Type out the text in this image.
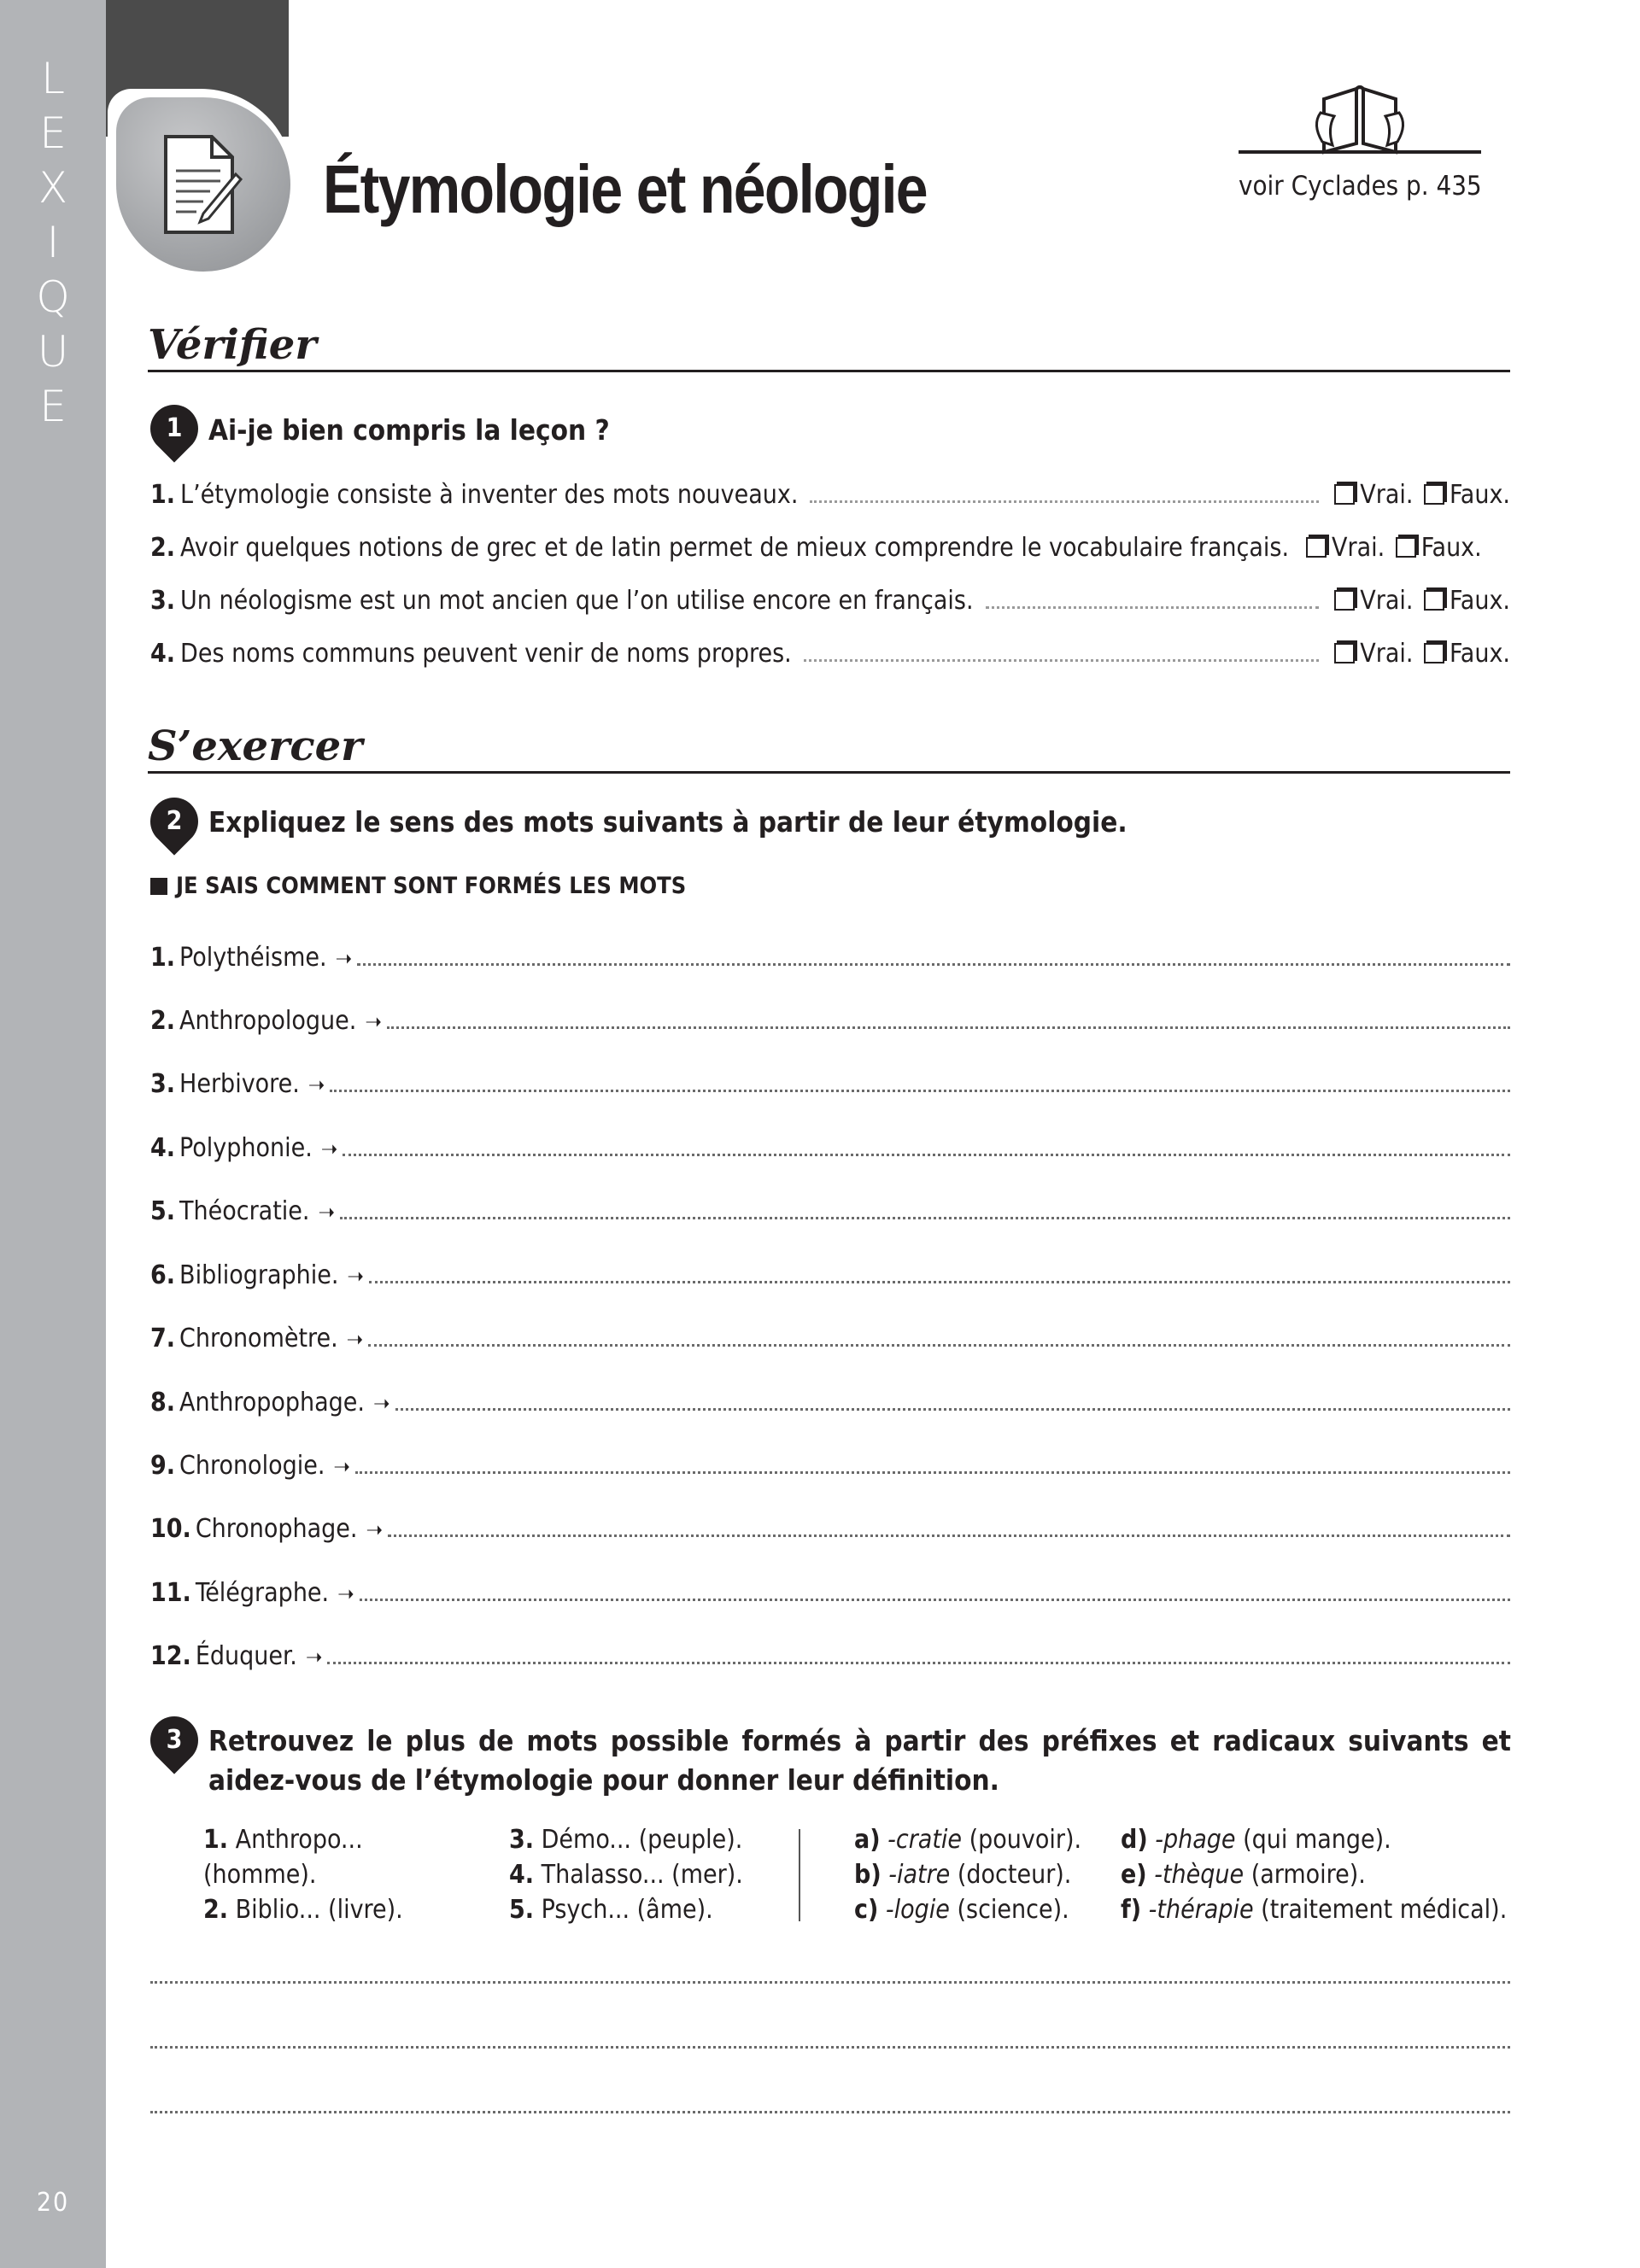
L
E
X
I
Q
U
E
20
Étymologie et néologie	voir Cyclades p. 435
Vérifier
1 Ai-je bien compris la leçon ?
1. L’étymologie consiste à inventer des mots nouveaux.	Vrai. Faux.
2. Avoir quelques notions de grec et de latin permet de mieux comprendre le vocabulaire français.	Vrai. Faux.
3. Un néologisme est un mot ancien que l’on utilise encore en français.	Vrai. Faux.
4. Des noms communs peuvent venir de noms propres.	Vrai. Faux.
S’exercer
2 Expliquez le sens des mots suivants à partir de leur étymologie.
JE SAIS COMMENT SONT FORMÉS LES MOTS
1. Polythéisme. ➝
2. Anthropologue. ➝
3. Herbivore. ➝
4. Polyphonie. ➝
5. Théocratie. ➝
6. Bibliographie. ➝
7. Chronomètre. ➝
8. Anthropophage. ➝
9. Chronologie. ➝
10. Chronophage. ➝
11. Télégraphe. ➝
12. Éduquer. ➝
3 Retrouvez le plus de mots possible formés à partir des préfixes et radicaux suivants et aidez-vous de l’étymologie pour donner leur définition.
1. Anthropo...
(homme).
2. Biblio... (livre).
3. Démo... (peuple).
4. Thalasso... (mer).
5. Psych... (âme).
a) -cratie (pouvoir).
b) -iatre (docteur).
c) -logie (science).
d) -phage (qui mange).
e) -thèque (armoire).
f) -thérapie (traitement médical).
